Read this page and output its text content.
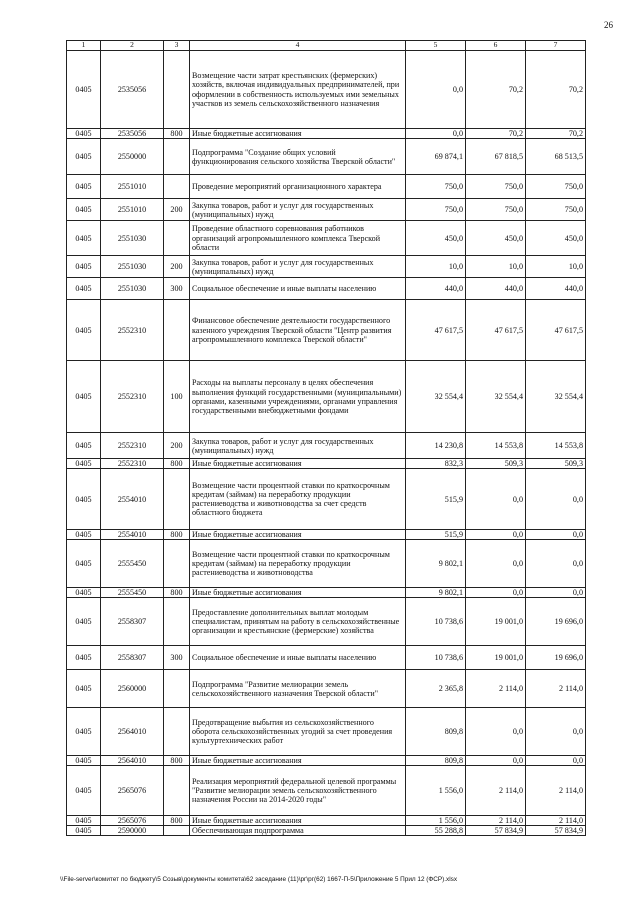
26
1	2	3	4	5	6	7
0405	2535056		Возмещение части затрат крестьянских (фермерских) хозяйств, включая индивидуальных предпринимателей, при оформлении в собственность используемых ими земельных участков из земель сельскохозяйственного назначения	0,0	70,2	70,2
0405	2535056	800	Иные бюджетные ассигнования	0,0	70,2	70,2
0405	2550000		Подпрограмма "Создание общих условий функционирования сельского хозяйства Тверской области"	69 874,1	67 818,5	68 513,5
0405	2551010		Проведение мероприятий организационного характера	750,0	750,0	750,0
0405	2551010	200	Закупка товаров, работ и услуг для государственных (муниципальных) нужд	750,0	750,0	750,0
0405	2551030		Проведение областного соревнования работников организаций агропромышленного комплекса Тверской области	450,0	450,0	450,0
0405	2551030	200	Закупка товаров, работ и услуг для государственных (муниципальных) нужд	10,0	10,0	10,0
0405	2551030	300	Социальное обеспечение и иные выплаты населению	440,0	440,0	440,0
0405	2552310		Финансовое обеспечение деятельности государственного казенного учреждения Тверской области "Центр развития агропромышленного комплекса Тверской области"	47 617,5	47 617,5	47 617,5
0405	2552310	100	Расходы на выплаты персоналу в целях обеспечения выполнения функций государственными (муниципальными) органами, казенными учреждениями, органами управления государственными внебюджетными фондами	32 554,4	32 554,4	32 554,4
0405	2552310	200	Закупка товаров, работ и услуг для государственных (муниципальных) нужд	14 230,8	14 553,8	14 553,8
0405	2552310	800	Иные бюджетные ассигнования	832,3	509,3	509,3
0405	2554010		Возмещение части процентной ставки по краткосрочным кредитам (займам) на переработку продукции растениеводства и животноводства за счет средств областного бюджета	515,9	0,0	0,0
0405	2554010	800	Иные бюджетные ассигнования	515,9	0,0	0,0
0405	2555450		Возмещение части процентной ставки по краткосрочным кредитам (займам) на переработку продукции растениеводства и животноводства	9 802,1	0,0	0,0
0405	2555450	800	Иные бюджетные ассигнования	9 802,1	0,0	0,0
0405	2558307		Предоставление дополнительных выплат молодым специалистам, принятым на работу в сельскохозяйственные организации и крестьянские (фермерские) хозяйства	10 738,6	19 001,0	19 696,0
0405	2558307	300	Социальное обеспечение и иные выплаты населению	10 738,6	19 001,0	19 696,0
0405	2560000		Подпрограмма "Развитие мелиорации земель сельскохозяйственного назначения Тверской области"	2 365,8	2 114,0	2 114,0
0405	2564010		Предотвращение выбытия из сельскохозяйственного оборота сельскохозяйственных угодий за счет проведения культуртехнических работ	809,8	0,0	0,0
0405	2564010	800	Иные бюджетные ассигнования	809,8	0,0	0,0
0405	2565076		Реализация мероприятий федеральной целевой программы "Развитие мелиорации земель сельскохозяйственного назначения России на 2014-2020 годы"	1 556,0	2 114,0	2 114,0
0405	2565076	800	Иные бюджетные ассигнования	1 556,0	2 114,0	2 114,0
0405	2590000		Обеспечивающая подпрограмма	55 288,8	57 834,9	57 834,9
\\File-server\комитет по бюджету\5 Созыв\документы комитета\62 заседание (11)\рг\рг(62) 1667-П-5\Приложение 5 Прил 12 (ФСР).xlsx
